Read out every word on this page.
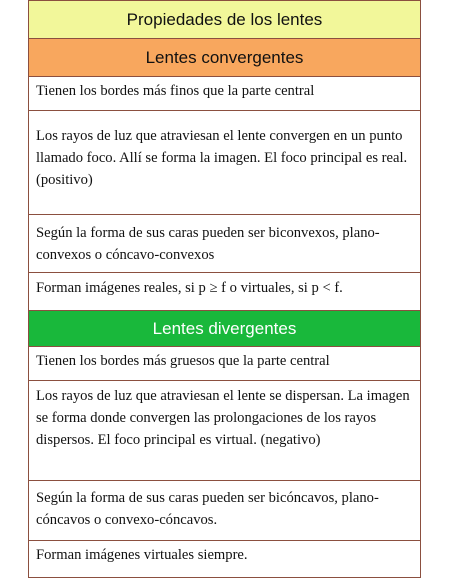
Propiedades de los lentes
Lentes convergentes
Tienen los bordes más finos que la parte central
Los rayos de luz que atraviesan el lente convergen en un punto llamado foco. Allí se forma la imagen. El foco principal es real. (positivo)
Según la forma de sus caras pueden ser biconvexos, plano-convexos o cóncavo-convexos
Forman imágenes reales, si p ≥ f o virtuales, si p < f.
Lentes divergentes
Tienen los bordes más gruesos que la parte central
Los rayos de luz que atraviesan el lente se dispersan. La imagen se forma donde convergen las prolongaciones de los rayos dispersos. El foco principal es virtual. (negativo)
Según la forma de sus caras pueden ser bicóncavos, plano-cóncavos o convexo-cóncavos.
Forman imágenes virtuales siempre.
